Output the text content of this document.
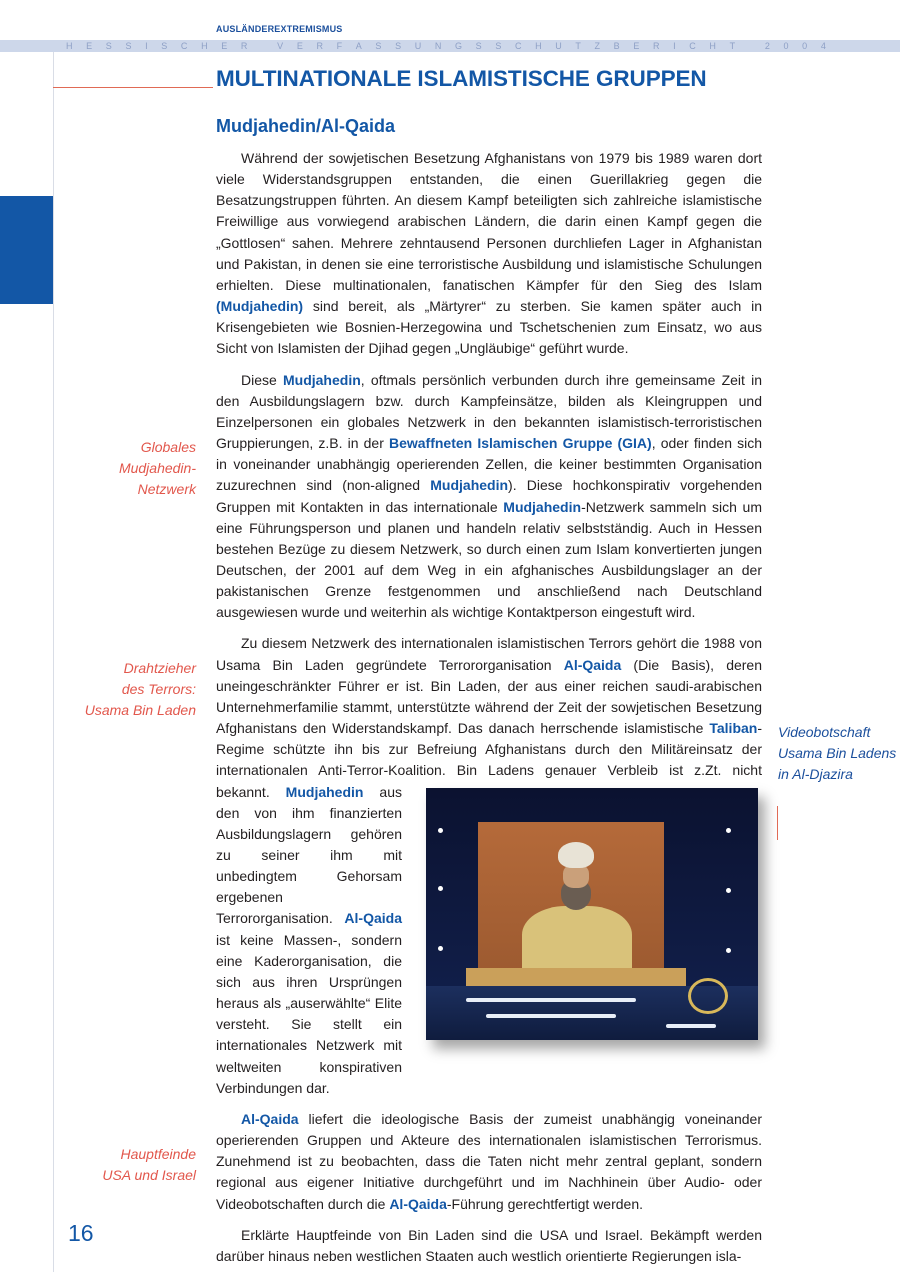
AUSLÄNDEREXTREMISMUS
H E S S I S C H E R
	V E R F A S S U N G S S C H U T Z B E R I C H T
	2 0 0 4
MULTINATIONALE ISLAMISTISCHE GRUPPEN
Mudjahedin/Al-Qaida

Während der sowjetischen Besetzung Afghanistans von 1979 bis 1989 waren dort viele Widerstandsgruppen entstanden, die einen Guerillakrieg gegen die Besatzungstruppen führten. An diesem Kampf beteiligten sich zahlreiche islamistische Freiwillige aus vorwiegend arabischen Ländern, die darin einen Kampf gegen die „Gottlosen“ sahen. Mehrere zehntausend Personen durchliefen Lager in Afghanistan und Pakistan, in denen sie eine terroristische Ausbildung und islamistische Schulungen erhielten. Diese multinationalen, fanatischen Kämpfer für den Sieg des Islam (Mudjahedin) sind bereit, als „Märtyrer“ zu sterben. Sie kamen später auch in Krisengebieten wie Bosnien-Herzegowina und Tschetschenien zum Einsatz, wo aus Sicht von Islamisten der Djihad gegen „Ungläubige“ geführt wurde.

Diese Mudjahedin, oftmals persönlich verbunden durch ihre gemeinsame Zeit in den Ausbildungslagern bzw. durch Kampfeinsätze, bilden als Kleingruppen und Einzelpersonen ein globales Netzwerk in den bekannten islamistisch-terroristischen Gruppierungen, z.B. in der Bewaffneten Islamischen Gruppe (GIA), oder finden sich in voneinander unabhängig operierenden Zellen, die keiner bestimmten Organisation zuzurechnen sind (non-aligned Mudjahedin). Diese hochkonspirativ vorgehenden Gruppen mit Kontakten in das internationale Mudjahedin-Netzwerk sammeln sich um eine Führungsperson und planen und handeln relativ selbstständig. Auch in Hessen bestehen Bezüge zu diesem Netzwerk, so durch einen zum Islam konvertierten jungen Deutschen, der 2001 auf dem Weg in ein afghanisches Ausbildungslager an der pakistanischen Grenze festgenommen und anschließend nach Deutschland ausgewiesen wurde und weiterhin als wichtige Kontaktperson eingestuft wird.

Zu diesem Netzwerk des internationalen islamistischen Terrors gehört die 1988 von Usama Bin Laden gegründete Terrororganisation Al-Qaida (Die Basis), deren uneingeschränkter Führer er ist. Bin Laden, der aus einer reichen saudi-arabischen Unternehmerfamilie stammt, unterstützte während der Zeit der sowjetischen Besetzung Afghanistans den Widerstandskampf. Das danach herrschende islamistische Taliban-Regime schützte ihn bis zur Befreiung Afghanistans durch den Militäreinsatz der internationalen Anti-Terror-Koalition. Bin Ladens genauer Verbleib ist z.Zt. nicht bekannt. Mudjahedin
aus den von ihm finanzierten Ausbildungslagern gehören zu seiner ihm mit unbedingtem Gehorsam ergebenen Terrororganisation. Al-Qaida ist keine Massen-, sondern eine Kaderorganisation, die sich aus ihren Ursprüngen heraus als „auserwählte“ Elite versteht. Sie stellt ein internationales Netzwerk mit weltweiten konspirativen Verbindungen dar.

Al-Qaida liefert die ideologische Basis der zumeist unabhängig voneinander operierenden Gruppen und Akteure des internationalen islamistischen Terrorismus. Zunehmend ist zu beobachten, dass die Taten nicht mehr zentral geplant, sondern regional aus eigener Initiative durchgeführt und im Nachhinein über Audio- oder Videobotschaften durch die Al-Qaida-Führung gerechtfertigt werden.

Erklärte Hauptfeinde von Bin Laden sind die USA und Israel. Bekämpft werden darüber hinaus neben westlichen Staaten auch westlich orientierte Regierungen isla-

Globales
Mudjahedin-
Netzwerk
Drahtzieher
des Terrors:
Usama Bin Laden
Hauptfeinde
USA und Israel
Videobotschaft Usama Bin Ladens in Al-Djazira
16
